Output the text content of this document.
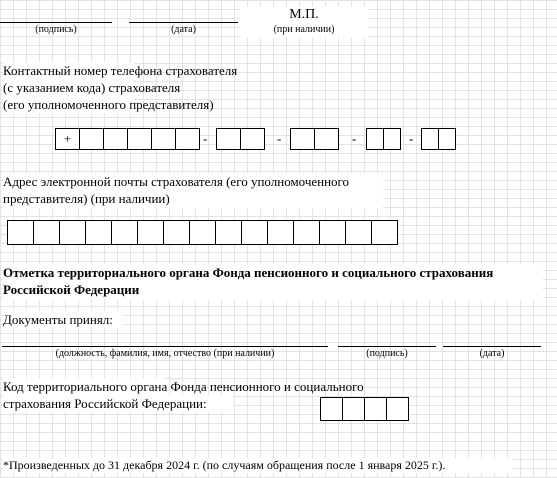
(подпись)	(дата)
М.П.
(при наличии)
Контактный номер телефона страхователя
(с указанием кода) страхователя
(его уполномоченного представителя)
+	-	-	-	-
Адрес электронной почты страхователя (его уполномоченного
представителя) (при наличии)
Отметка территориального органа Фонда пенсионного и социального страхования
Российской Федерации
Документы принял:
(должность, фамилия, имя, отчество (при наличии)	(подпись)	(дата)
Код территориального органа Фонда пенсионного и социального
страхования Российской Федерации:
*Произведенных до 31 декабря 2024 г. (по случаям обращения после 1 января 2025 г.).
